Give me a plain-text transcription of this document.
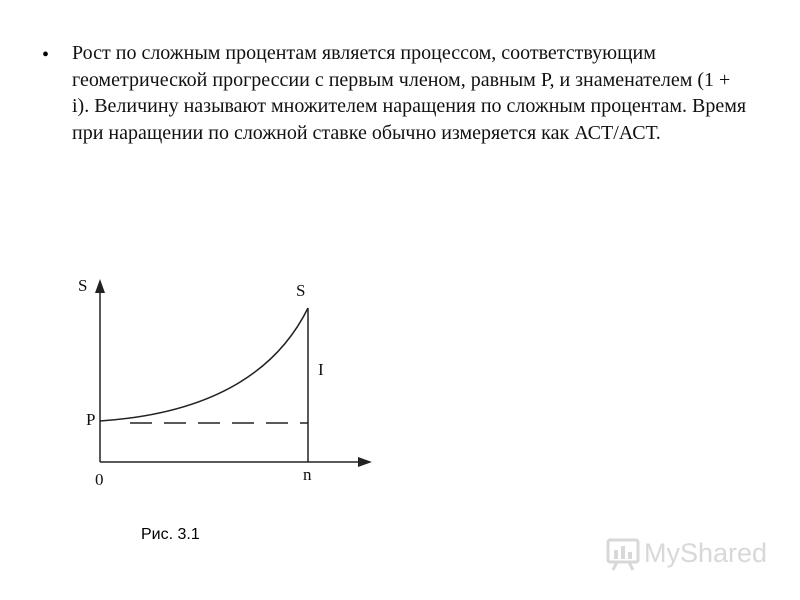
• Рост по сложным процентам является процессом, соответствующим геометрической прогрессии с первым членом, равным Р, и знаменателем (1 + i). Величину называют множителем наращения по сложным процентам. Время при наращении по сложной ставке обычно измеряется как АСТ/АСТ.
S	S
I
P
0	n
Рис. 3.1
MyShared
